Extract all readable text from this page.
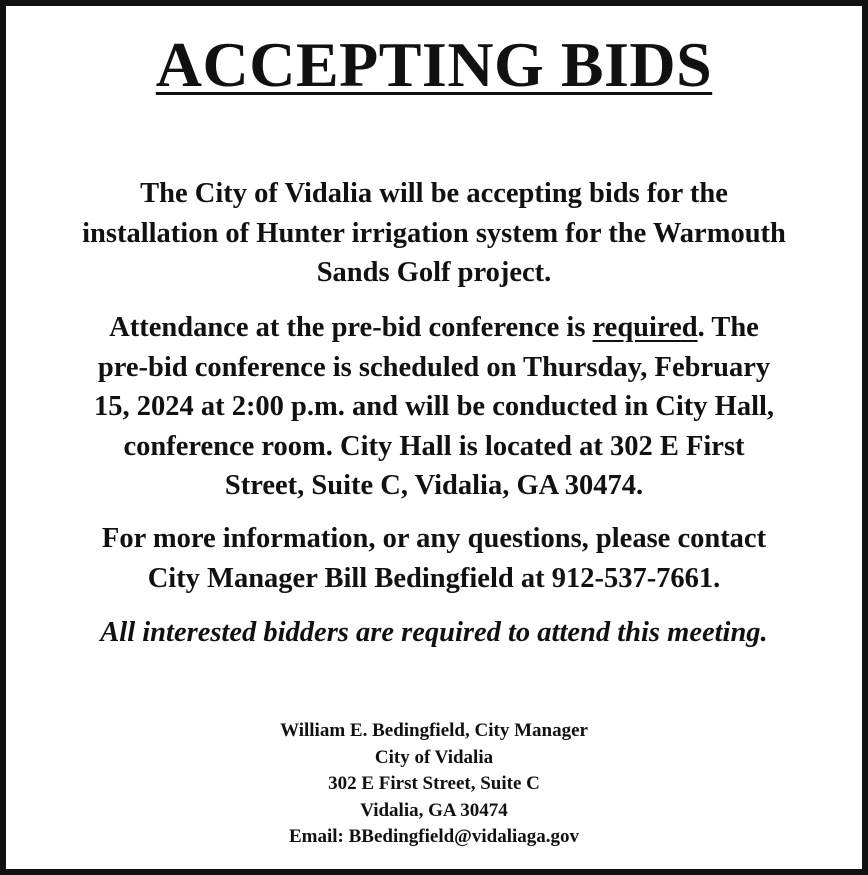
ACCEPTING BIDS
The City of Vidalia will be accepting bids for the
installation of Hunter irrigation system for the Warmouth
Sands Golf project.
Attendance at the pre-bid conference is required. The
pre-bid conference is scheduled on Thursday, February
15, 2024 at 2:00 p.m. and will be conducted in City Hall,
conference room. City Hall is located at 302 E First
Street, Suite C, Vidalia, GA 30474.
For more information, or any questions, please contact
City Manager Bill Bedingfield at 912-537-7661.
All interested bidders are required to attend this meeting.
William E. Bedingfield, City Manager
City of Vidalia
302 E First Street, Suite C
Vidalia, GA 30474
Email: BBedingfield@vidaliaga.gov
